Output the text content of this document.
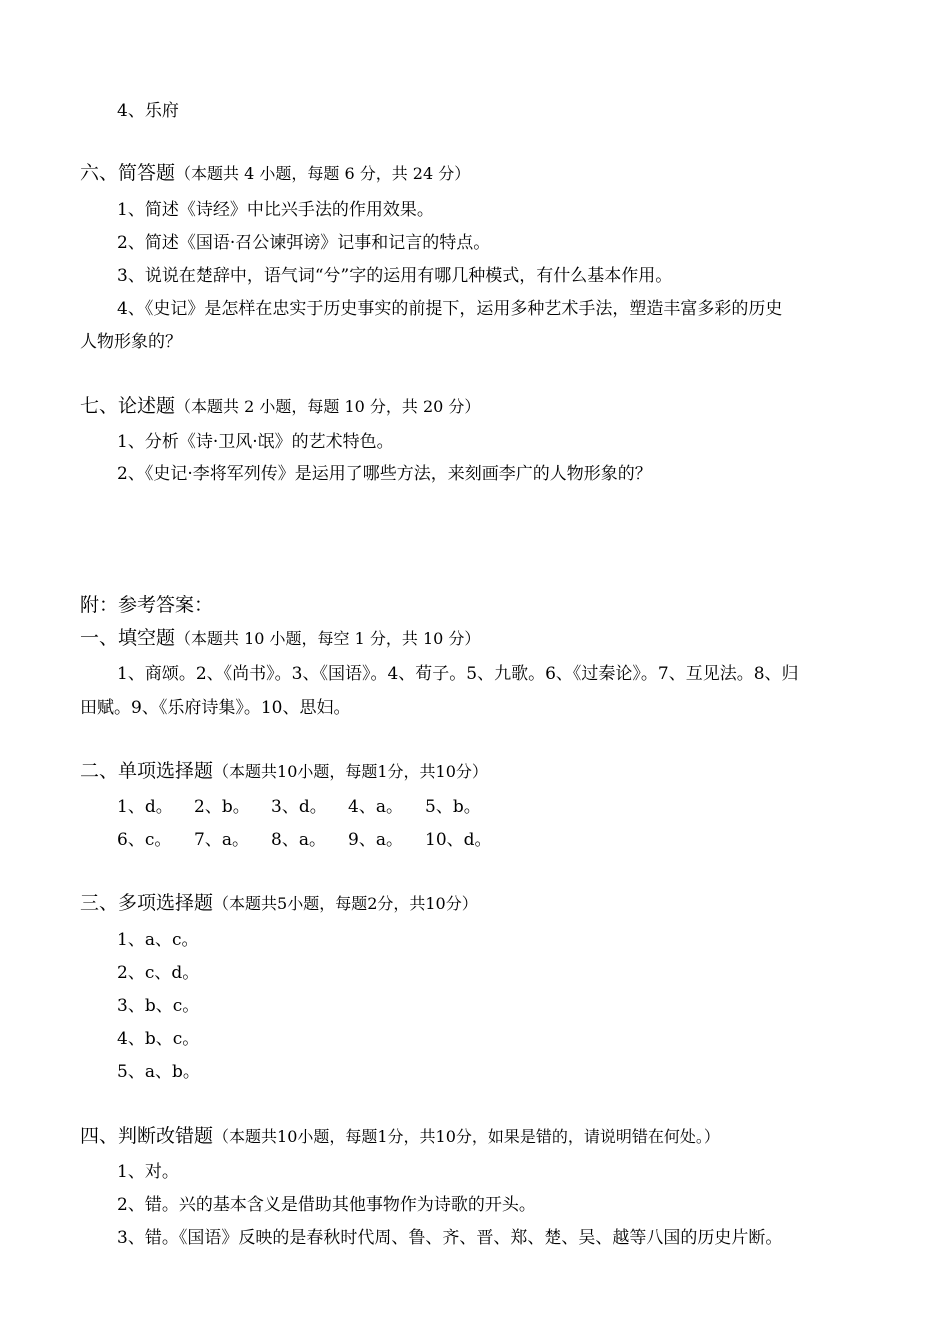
4、乐府
六、简答题（本题共 4 小题，每题 6 分，共 24 分）
1、简述《诗经》中比兴手法的作用效果。
2、简述《国语·召公谏弭谤》记事和记言的特点。
3、说说在楚辞中，语气词“兮”字的运用有哪几种模式，有什么基本作用。
4、《史记》是怎样在忠实于历史事实的前提下，运用多种艺术手法，塑造丰富多彩的历史
人物形象的？
七、论述题（本题共 2 小题，每题 10 分，共 20 分）
1、分析《诗·卫风·氓》的艺术特色。
2、《史记·李将军列传》是运用了哪些方法，来刻画李广的人物形象的？
附：参考答案：
一、填空题（本题共 10 小题，每空 1 分，共 10 分）
1、商颂。2、《尚书》。3、《国语》。4、荀子。5、九歌。6、《过秦论》。7、互见法。8、归
田赋。9、《乐府诗集》。10、思妇。
二、单项选择题（本题共10小题，每题1分，共10分）
1、d。 2、b。 3、d。 4、a。 5、b。
6、c。 7、a。 8、a。 9、a。 10、d。
三、多项选择题（本题共5小题，每题2分，共10分）
1、a、c。
2、c、d。
3、b、c。
4、b、c。
5、a、b。
四、判断改错题（本题共10小题，每题1分，共10分，如果是错的，请说明错在何处。）
1、对。
2、错。兴的基本含义是借助其他事物作为诗歌的开头。
3、错。《国语》反映的是春秋时代周、鲁、齐、晋、郑、楚、吴、越等八国的历史片断。
